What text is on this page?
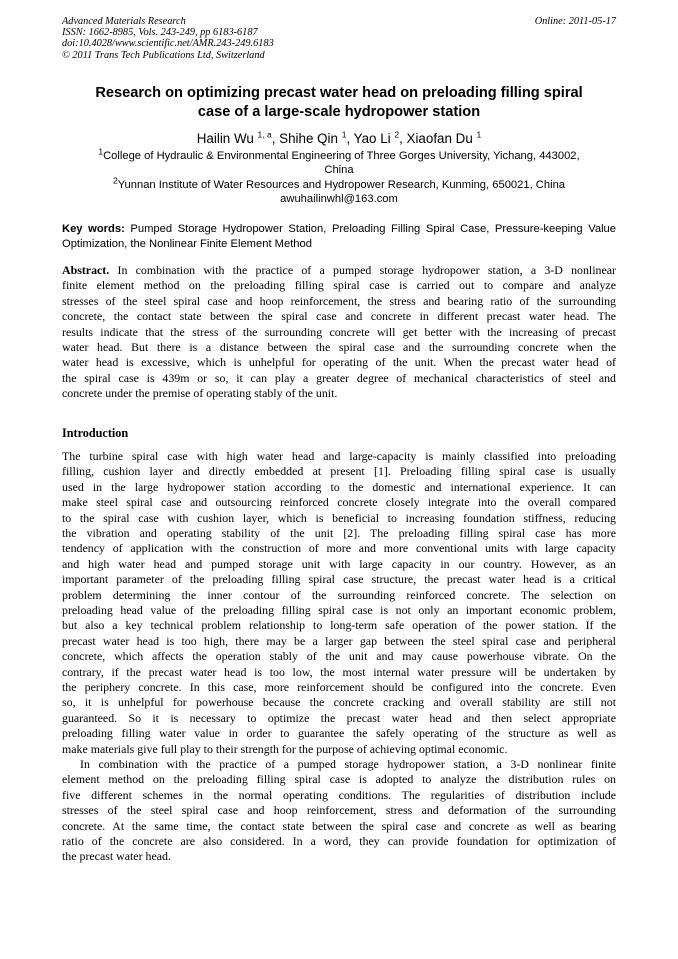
Advanced Materials Research
ISSN: 1662-8985, Vols. 243-249, pp 6183-6187
doi:10.4028/www.scientific.net/AMR.243-249.6183
© 2011 Trans Tech Publications Ltd, Switzerland
Online: 2011-05-17
Research on optimizing precast water head on preloading filling spiral
case of a large-scale hydropower station
Hailin Wu $^{1, a}$, Shihe Qin $^1$, Yao Li $^2$, Xiaofan Du $^1$
$^1$College of Hydraulic & Environmental Engineering of Three Gorges University, Yichang, 443002,
China
$^2$Yunnan Institute of Water Resources and Hydropower Research, Kunming, 650021, China
awuhailinwhl@163.com
Key words: Pumped Storage Hydropower Station, Preloading Filling Spiral Case, Pressure-keeping Value Optimization, the Nonlinear Finite Element Method
Abstract. In combination with the practice of a pumped storage hydropower station, a 3-D nonlinear
finite element method on the preloading filling spiral case is carried out to compare and analyze
stresses of the steel spiral case and hoop reinforcement, the stress and bearing ratio of the surrounding
concrete, the contact state between the spiral case and concrete in different precast water head. The
results indicate that the stress of the surrounding concrete will get better with the increasing of precast
water head. But there is a distance between the spiral case and the surrounding concrete when the
water head is excessive, which is unhelpful for operating of the unit. When the precast water head of
the spiral case is 439m or so, it can play a greater degree of mechanical characteristics of steel and
concrete under the premise of operating stably of the unit.
Introduction
The turbine spiral case with high water head and large-capacity is mainly classified into preloading
filling, cushion layer and directly embedded at present [1]. Preloading filling spiral case is usually
used in the large hydropower station according to the domestic and international experience. It can
make steel spiral case and outsourcing reinforced concrete closely integrate into the overall compared
to the spiral case with cushion layer, which is beneficial to increasing foundation stiffness, reducing
the vibration and operating stability of the unit [2]. The preloading filling spiral case has more
tendency of application with the construction of more and more conventional units with large capacity
and high water head and pumped storage unit with large capacity in our country. However, as an
important parameter of the preloading filling spiral case structure, the precast water head is a critical
problem determining the inner contour of the surrounding reinforced concrete. The selection on
preloading head value of the preloading filling spiral case is not only an important economic problem,
but also a key technical problem relationship to long-term safe operation of the power station. If the
precast water head is too high, there may be a larger gap between the steel spiral case and peripheral
concrete, which affects the operation stably of the unit and may cause powerhouse vibrate. On the
contrary, if the precast water head is too low, the most internal water pressure will be undertaken by
the periphery concrete. In this case, more reinforcement should be configured into the concrete. Even
so, it is unhelpful for powerhouse because the concrete cracking and overall stability are still not
guaranteed. So it is necessary to optimize the precast water head and then select appropriate
preloading filling water value in order to guarantee the safely operating of the structure as well as
make materials give full play to their strength for the purpose of achieving optimal economic.
In combination with the practice of a pumped storage hydropower station, a 3-D nonlinear finite
element method on the preloading filling spiral case is adopted to analyze the distribution rules on
five different schemes in the normal operating conditions. The regularities of distribution include
stresses of the steel spiral case and hoop reinforcement, stress and deformation of the surrounding
concrete. At the same time, the contact state between the spiral case and concrete as well as bearing
ratio of the concrete are also considered. In a word, they can provide foundation for optimization of
the precast water head.
